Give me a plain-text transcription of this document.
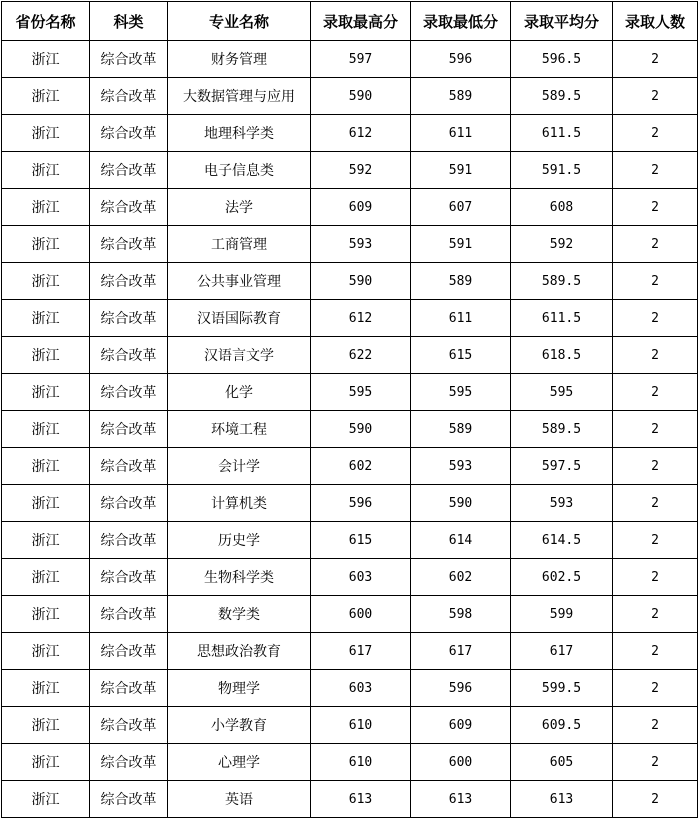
省份名称	科类	专业名称	录取最高分	录取最低分	录取平均分	录取人数
浙江	综合改革	财务管理	597	596	596.5	2
浙江	综合改革	大数据管理与应用	590	589	589.5	2
浙江	综合改革	地理科学类	612	611	611.5	2
浙江	综合改革	电子信息类	592	591	591.5	2
浙江	综合改革	法学	609	607	608	2
浙江	综合改革	工商管理	593	591	592	2
浙江	综合改革	公共事业管理	590	589	589.5	2
浙江	综合改革	汉语国际教育	612	611	611.5	2
浙江	综合改革	汉语言文学	622	615	618.5	2
浙江	综合改革	化学	595	595	595	2
浙江	综合改革	环境工程	590	589	589.5	2
浙江	综合改革	会计学	602	593	597.5	2
浙江	综合改革	计算机类	596	590	593	2
浙江	综合改革	历史学	615	614	614.5	2
浙江	综合改革	生物科学类	603	602	602.5	2
浙江	综合改革	数学类	600	598	599	2
浙江	综合改革	思想政治教育	617	617	617	2
浙江	综合改革	物理学	603	596	599.5	2
浙江	综合改革	小学教育	610	609	609.5	2
浙江	综合改革	心理学	610	600	605	2
浙江	综合改革	英语	613	613	613	2
